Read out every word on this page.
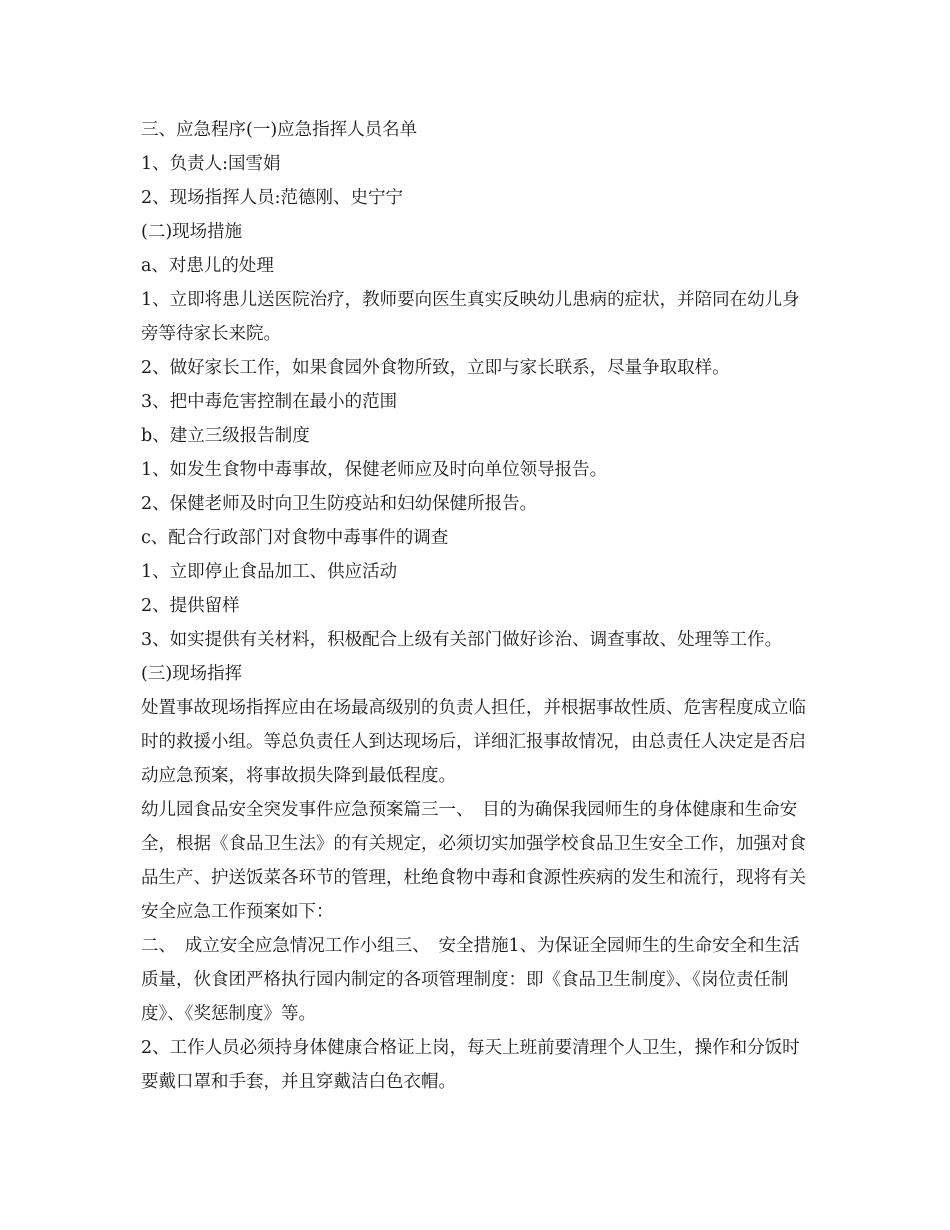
三、应急程序(一)应急指挥人员名单

1、负责人:国雪娟

2、现场指挥人员:范德刚、史宁宁

(二)现场措施

a、对患儿的处理

1、立即将患儿送医院治疗，教师要向医生真实反映幼儿患病的症状，并陪同在幼儿身旁等待家长来院。

2、做好家长工作，如果食园外食物所致，立即与家长联系，尽量争取取样。

3、把中毒危害控制在最小的范围

b、建立三级报告制度

1、如发生食物中毒事故，保健老师应及时向单位领导报告。

2、保健老师及时向卫生防疫站和妇幼保健所报告。

c、配合行政部门对食物中毒事件的调查

1、立即停止食品加工、供应活动

2、提供留样

3、如实提供有关材料，积极配合上级有关部门做好诊治、调查事故、处理等工作。

(三)现场指挥

处置事故现场指挥应由在场最高级别的负责人担任，并根据事故性质、危害程度成立临时的救援小组。等总负责任人到达现场后，详细汇报事故情况，由总责任人决定是否启动应急预案，将事故损失降到最低程度。

幼儿园食品安全突发事件应急预案篇三一、　目的为确保我园师生的身体健康和生命安全，根据《食品卫生法》的有关规定，必须切实加强学校食品卫生安全工作，加强对食品生产、护送饭菜各环节的管理，杜绝食物中毒和食源性疾病的发生和流行，现将有关安全应急工作预案如下：

二、　成立安全应急情况工作小组三、　安全措施1、为保证全园师生的生命安全和生活质量，伙食团严格执行园内制定的各项管理制度：即《食品卫生制度》、《岗位责任制度》、《奖惩制度》等。

2、工作人员必须持身体健康合格证上岗，每天上班前要清理个人卫生，操作和分饭时要戴口罩和手套，并且穿戴洁白色衣帽。
